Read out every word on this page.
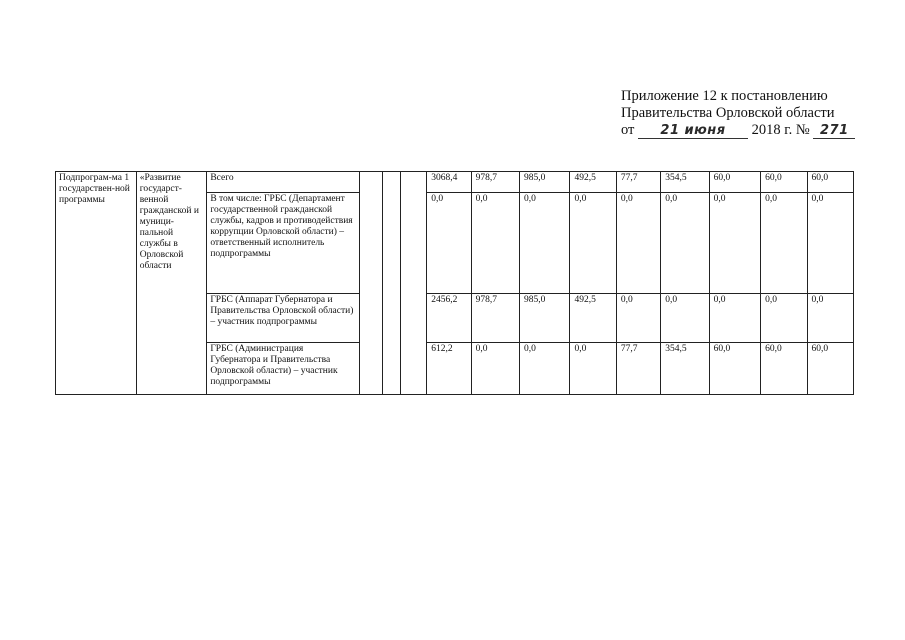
Приложение 12 к постановлению
Правительства Орловской области
от 21 июня 2018 г. № 271
Подпрограм-ма 1 государствен-ной программы	«Развитие государст-венной гражданской и муници-пальной службы в Орловской области	Всего				3068,4	978,7	985,0	492,5	77,7	354,5	60,0	60,0	60,0
		В том числе: ГРБС (Департамент государственной гражданской службы, кадров и противодействия коррупции Орловской области) – ответственный исполнитель подпрограммы				0,0	0,0	0,0	0,0	0,0	0,0	0,0	0,0	0,0
		ГРБС (Аппарат Губернатора и Правительства Орловской области) – участник подпрограммы				2456,2	978,7	985,0	492,5	0,0	0,0	0,0	0,0	0,0
		ГРБС (Администрация Губернатора и Правительства Орловской области) – участник подпрограммы				612,2	0,0	0,0	0,0	77,7	354,5	60,0	60,0	60,0
